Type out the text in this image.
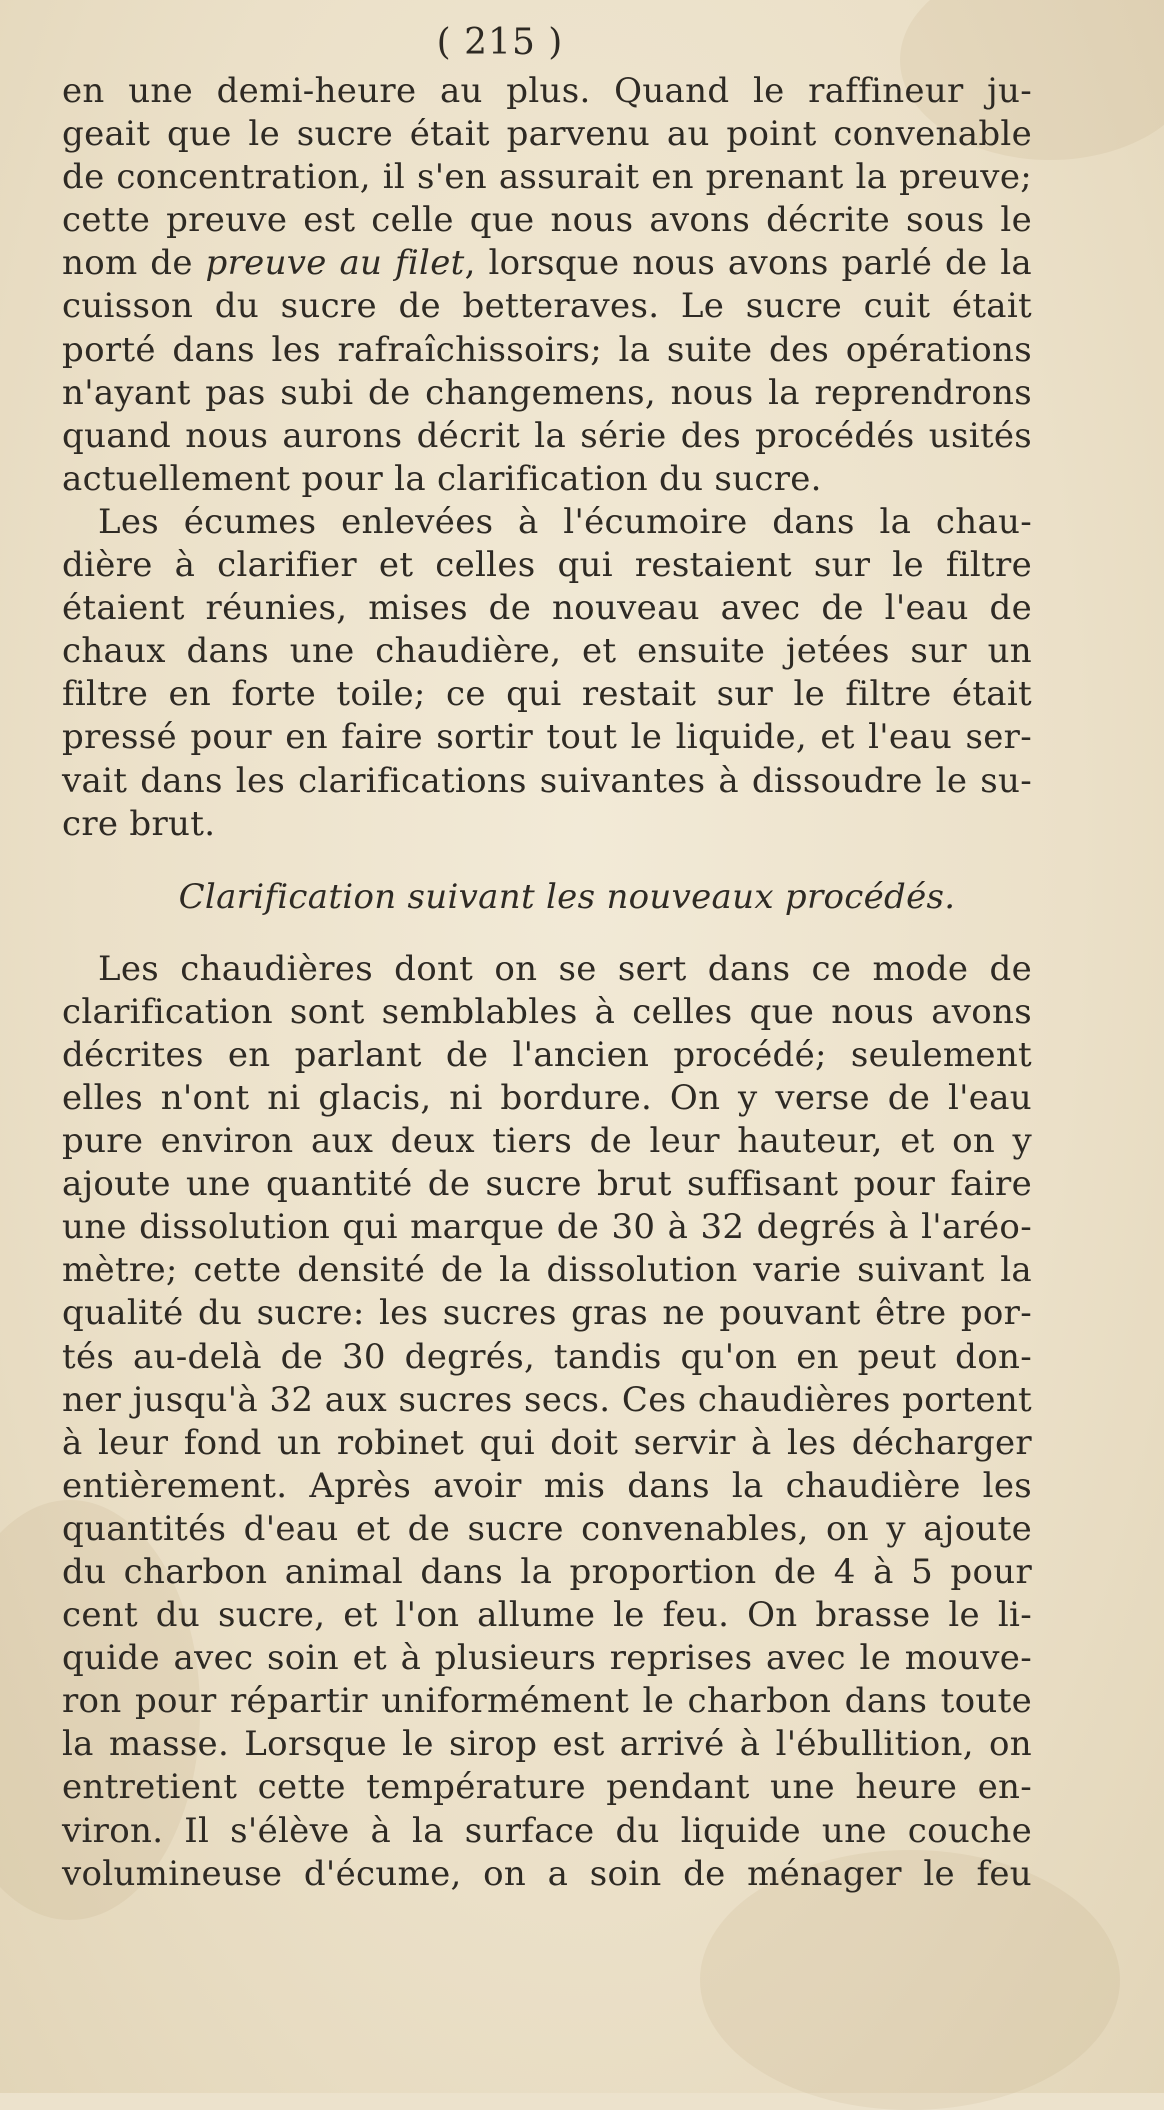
( 215 )
en une demi-heure au plus. Quand le raffineur ju-
geait que le sucre était parvenu au point convenable
de concentration, il s'en assurait en prenant la preuve;
cette preuve est celle que nous avons décrite sous le
nom de preuve au filet, lorsque nous avons parlé de la
cuisson du sucre de betteraves. Le sucre cuit était
porté dans les rafraîchissoirs; la suite des opérations
n'ayant pas subi de changemens, nous la reprendrons
quand nous aurons décrit la série des procédés usités
actuellement pour la clarification du sucre.
Les écumes enlevées à l'écumoire dans la chau-
dière à clarifier et celles qui restaient sur le filtre
étaient réunies, mises de nouveau avec de l'eau de
chaux dans une chaudière, et ensuite jetées sur un
filtre en forte toile; ce qui restait sur le filtre était
pressé pour en faire sortir tout le liquide, et l'eau ser-
vait dans les clarifications suivantes à dissoudre le su-
cre brut.
Clarification suivant les nouveaux procédés.
Les chaudières dont on se sert dans ce mode de
clarification sont semblables à celles que nous avons
décrites en parlant de l'ancien procédé; seulement
elles n'ont ni glacis, ni bordure. On y verse de l'eau
pure environ aux deux tiers de leur hauteur, et on y
ajoute une quantité de sucre brut suffisant pour faire
une dissolution qui marque de 30 à 32 degrés à l'aréo-
mètre; cette densité de la dissolution varie suivant la
qualité du sucre: les sucres gras ne pouvant être por-
tés au-delà de 30 degrés, tandis qu'on en peut don-
ner jusqu'à 32 aux sucres secs. Ces chaudières portent
à leur fond un robinet qui doit servir à les décharger
entièrement. Après avoir mis dans la chaudière les
quantités d'eau et de sucre convenables, on y ajoute
du charbon animal dans la proportion de 4 à 5 pour
cent du sucre, et l'on allume le feu. On brasse le li-
quide avec soin et à plusieurs reprises avec le mouve-
ron pour répartir uniformément le charbon dans toute
la masse. Lorsque le sirop est arrivé à l'ébullition, on
entretient cette température pendant une heure en-
viron. Il s'élève à la surface du liquide une couche
volumineuse d'écume, on a soin de ménager le feu
